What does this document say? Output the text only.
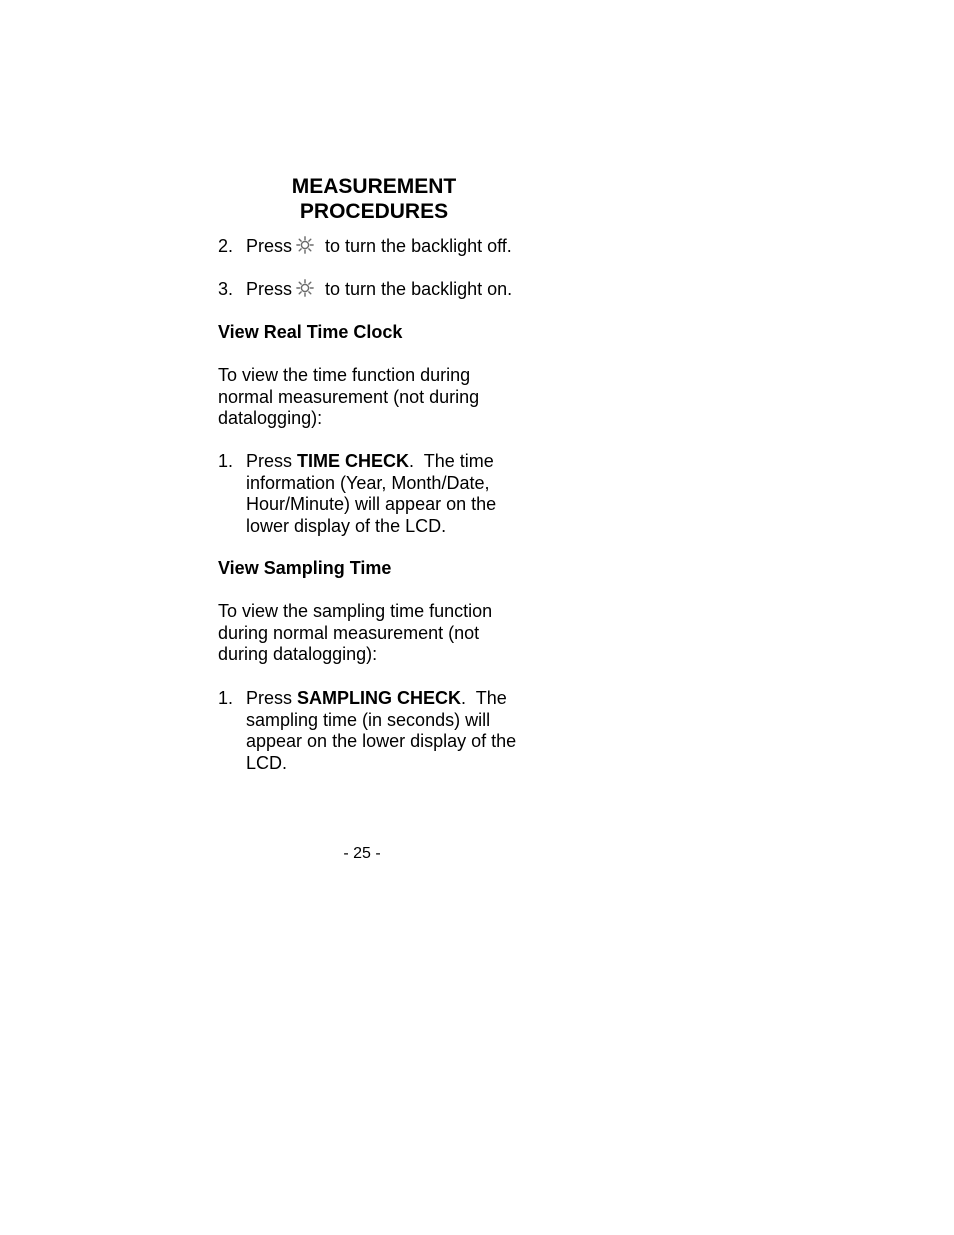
MEASUREMENT
PROCEDURES
2. Press to turn the backlight off.

3. Press to turn the backlight on.

View Real Time Clock

To view the time function during
normal measurement (not during
datalogging):
1. Press TIME CHECK.  The time
information (Year, Month/Date,
Hour/Minute) will appear on the
lower display of the LCD.

View Sampling Time

To view the sampling time function
during normal measurement (not
during datalogging):
1. Press SAMPLING CHECK.  The
sampling time (in seconds) will
appear on the lower display of the
LCD.
- 25 -
